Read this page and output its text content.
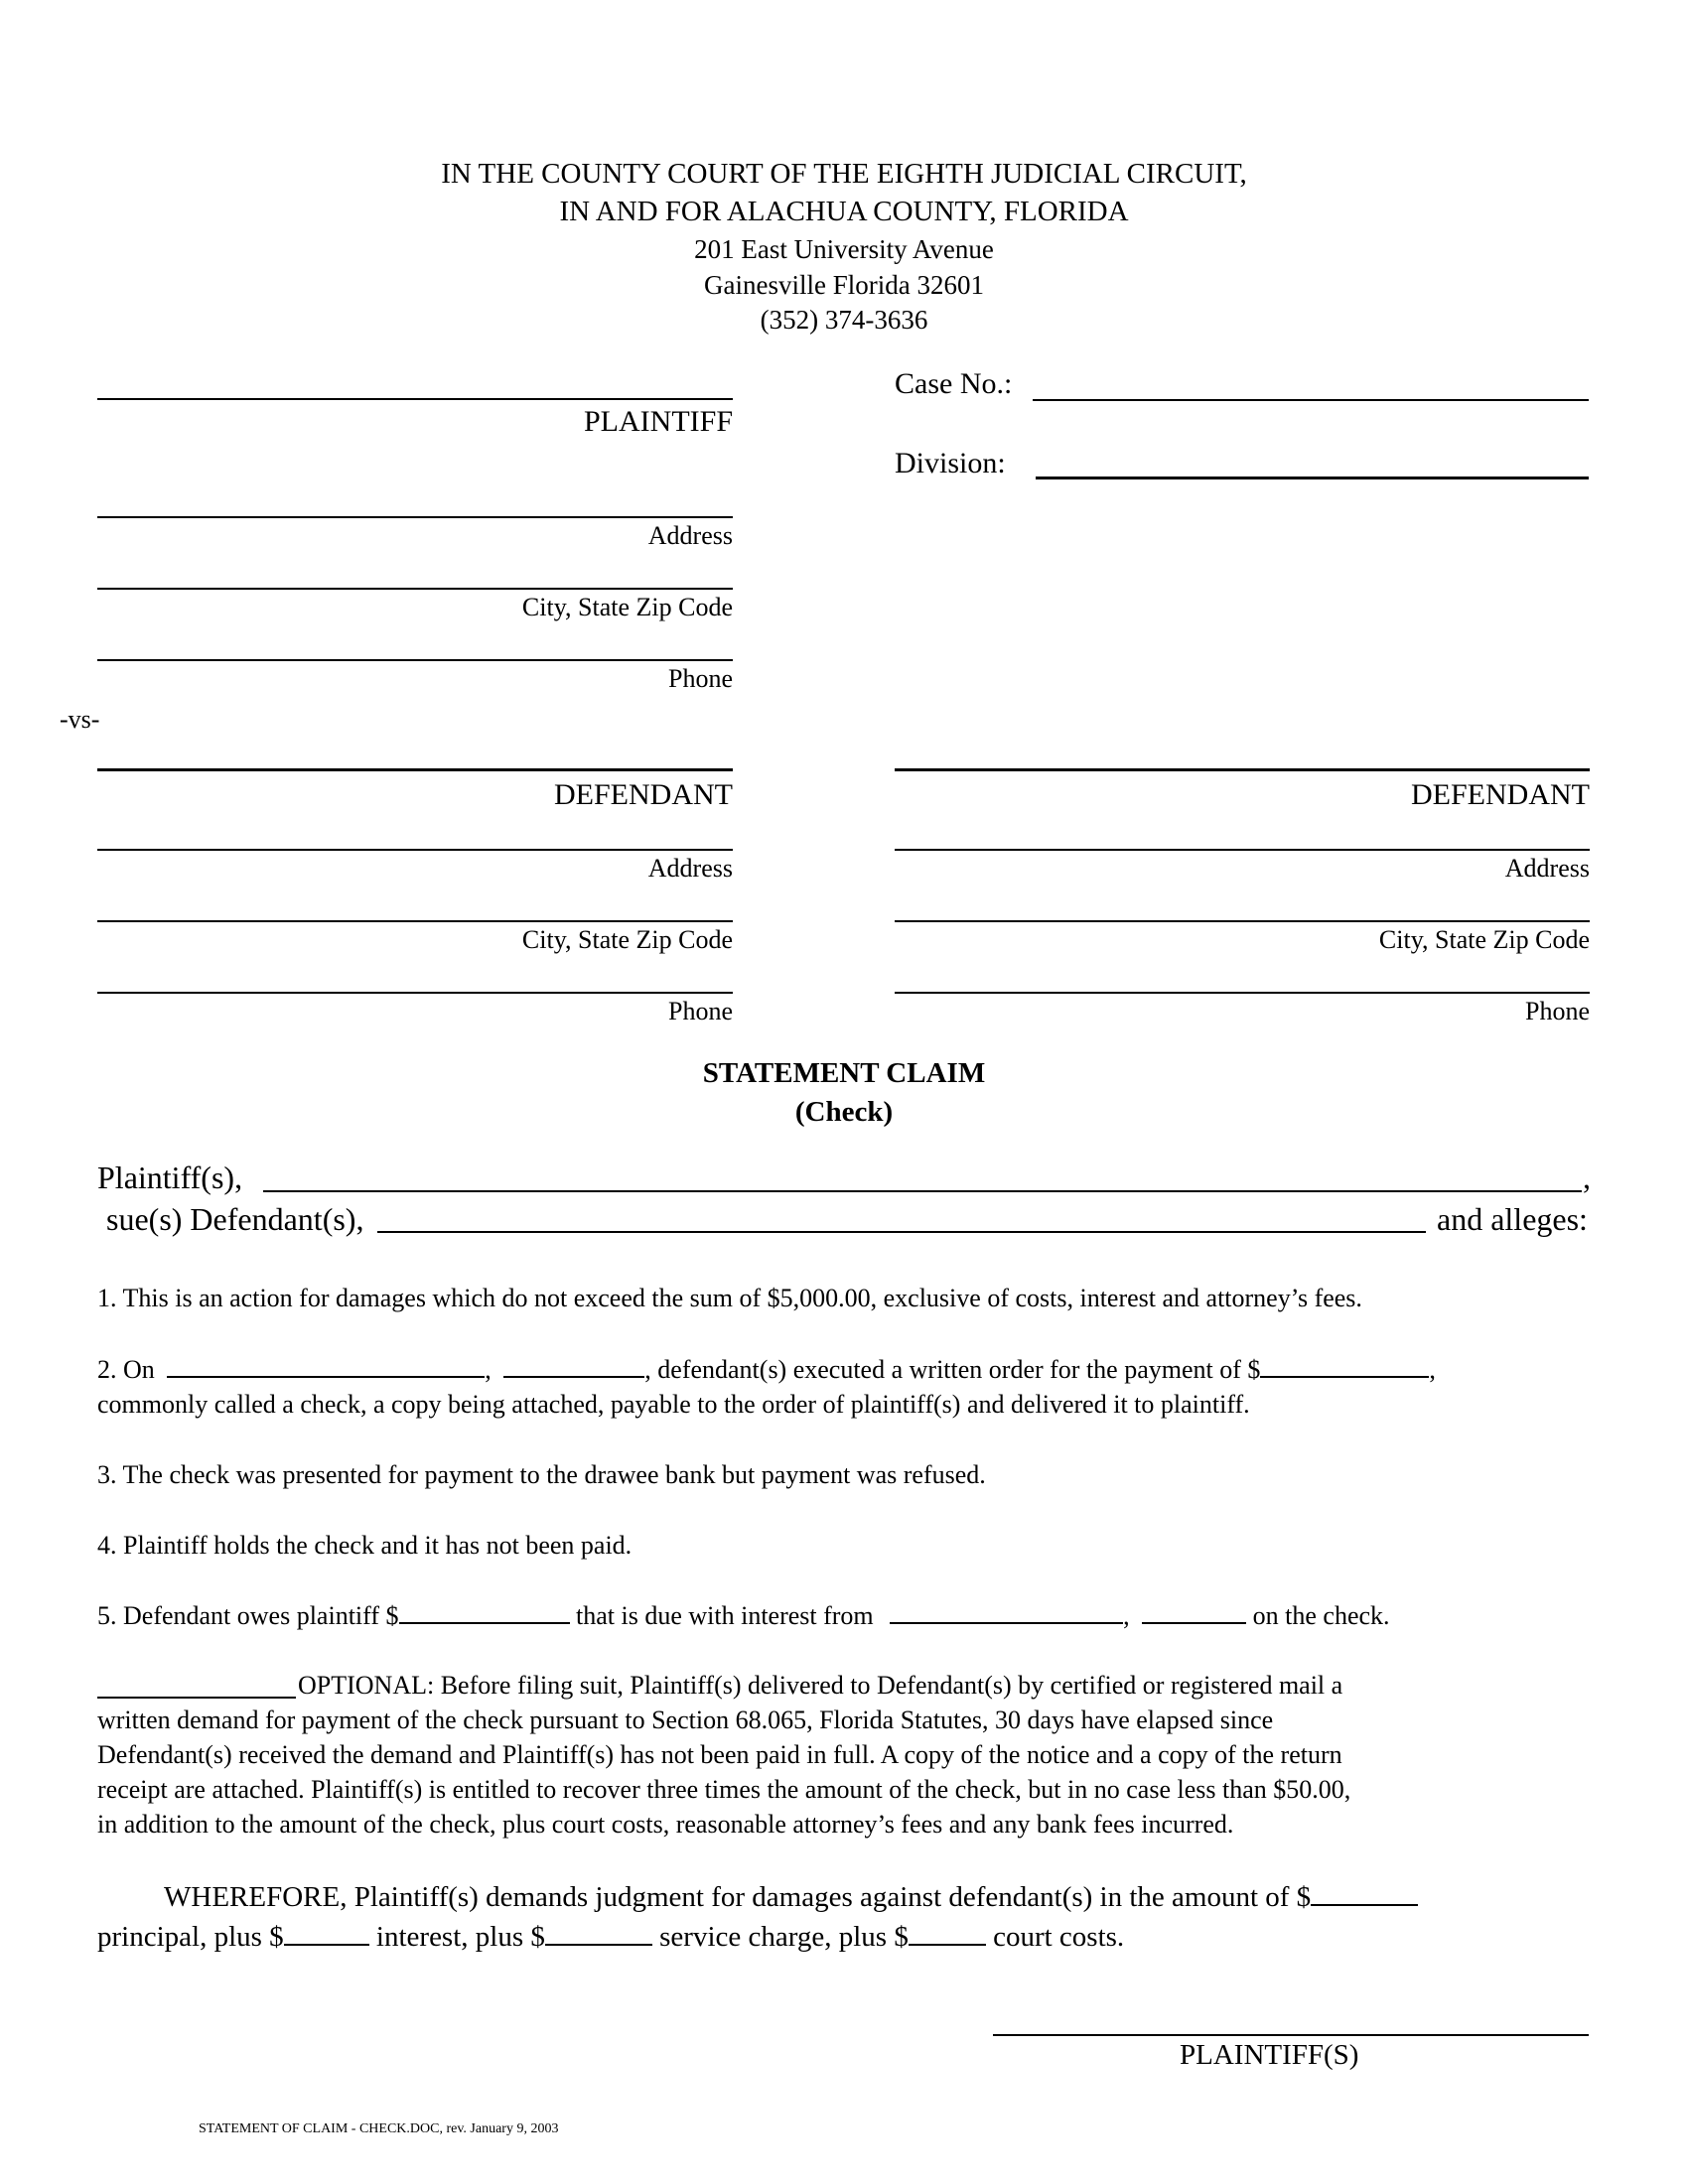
IN THE COUNTY COURT OF THE EIGHTH JUDICIAL CIRCUIT,
IN AND FOR ALACHUA COUNTY, FLORIDA
201 East University Avenue
Gainesville Florida 32601
(352) 374-3636
PLAINTIFF
Address
City, State Zip Code
Phone
Case No.:
Division:
-vs-
DEFENDANT
Address
City, State Zip Code
Phone
DEFENDANT
Address
City, State Zip Code
Phone
STATEMENT CLAIM
(Check)
Plaintiff(s),	,
sue(s) Defendant(s),	and alleges:
1. This is an action for damages which do not exceed the sum of $5,000.00, exclusive of costs, interest and attorney’s fees.
2. On	,	, defendant(s) executed a written order for the payment of $	,
commonly called a check, a copy being attached, payable to the order of plaintiff(s) and delivered it to plaintiff.
3. The check was presented for payment to the drawee bank but payment was refused.
4. Plaintiff holds the check and it has not been paid.
5. Defendant owes plaintiff $	that is due with interest from	,	on the check.
OPTIONAL: Before filing suit, Plaintiff(s) delivered to Defendant(s) by certified or registered mail a
written demand for payment of the check pursuant to Section 68.065, Florida Statutes, 30 days have elapsed since
Defendant(s) received the demand and Plaintiff(s) has not been paid in full. A copy of the notice and a copy of the return
receipt are attached. Plaintiff(s) is entitled to recover three times the amount of the check, but in no case less than $50.00,
in addition to the amount of the check, plus court costs, reasonable attorney’s fees and any bank fees incurred.
WHEREFORE, Plaintiff(s) demands judgment for damages against defendant(s) in the amount of $
principal, plus $	interest, plus $	service charge, plus $	court costs.
PLAINTIFF(S)
STATEMENT OF CLAIM - CHECK.DOC, rev. January 9, 2003
